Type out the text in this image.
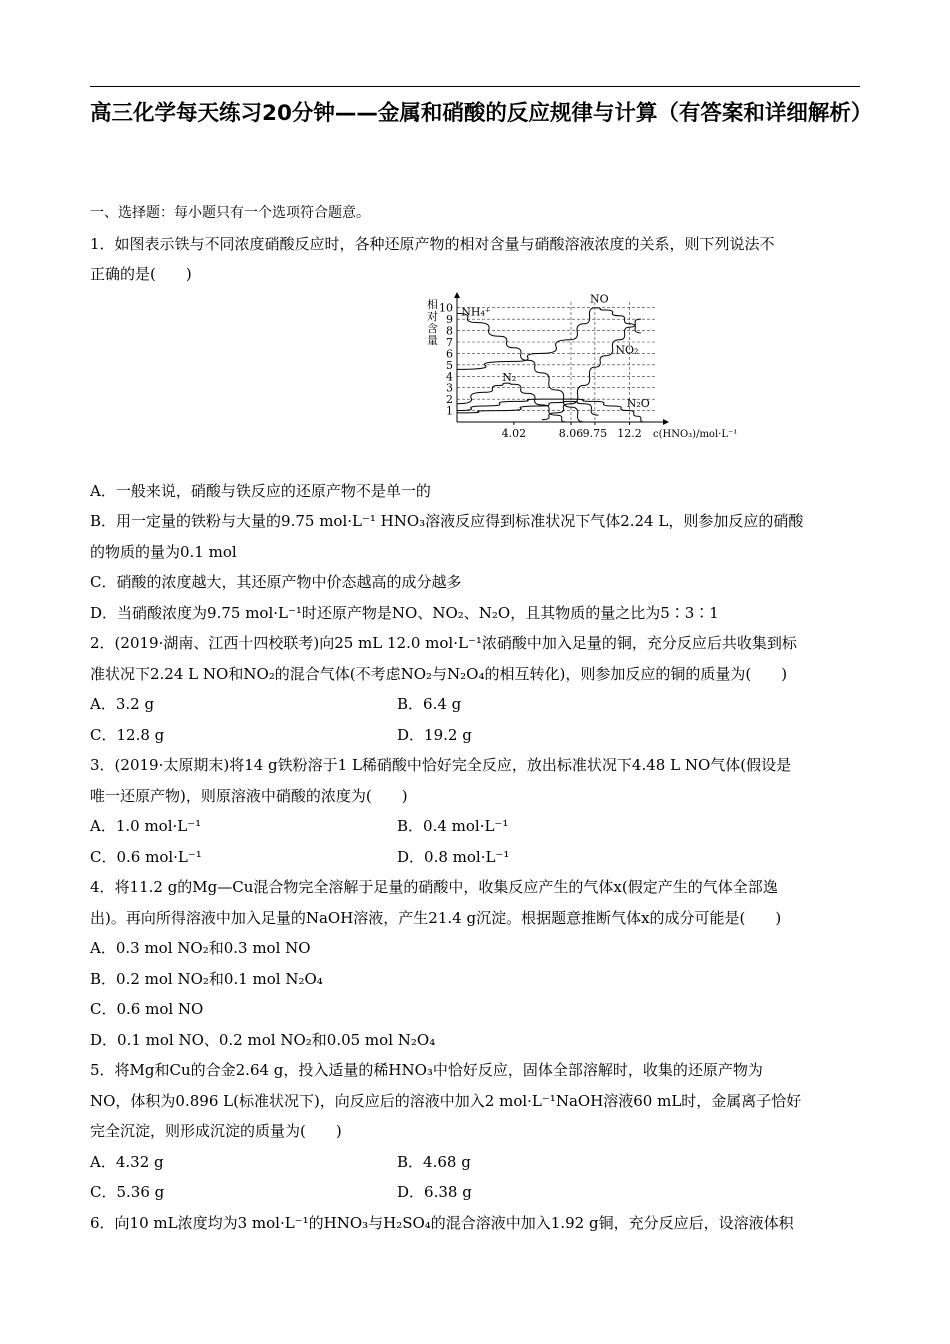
高三化学每天练习20分钟——金属和硝酸的反应规律与计算（有答案和详细解析）
一、选择题：每小题只有一个选项符合题意。
1．如图表示铁与不同浓度硝酸反应时，各种还原产物的相对含量与硝酸溶液浓度的关系，则下列说法不
正确的是(　　)
1
2
3
4
5
6
7
8
9
10
相
对
含
量
4.02	8.06 9.75 12.2 c(HNO₃)/mol·L⁻¹
NO
NH₄⁺
NO₂
N₂
N₂O
A．一般来说，硝酸与铁反应的还原产物不是单一的
B．用一定量的铁粉与大量的9.75 mol·L⁻¹ HNO₃溶液反应得到标准状况下气体2.24 L，则参加反应的硝酸
的物质的量为0.1 mol
C．硝酸的浓度越大，其还原产物中价态越高的成分越多
D．当硝酸浓度为9.75 mol·L⁻¹时还原产物是NO、NO₂、N₂O，且其物质的量之比为5∶3∶1
2．(2019·湖南、江西十四校联考)向25 mL 12.0 mol·L⁻¹浓硝酸中加入足量的铜，充分反应后共收集到标
准状况下2.24 L NO和NO₂的混合气体(不考虑NO₂与N₂O₄的相互转化)，则参加反应的铜的质量为(　　)
A．3.2 g	B．6.4 g
C．12.8 g	D．19.2 g
3．(2019·太原期末)将14 g铁粉溶于1 L稀硝酸中恰好完全反应，放出标准状况下4.48 L NO气体(假设是
唯一还原产物)，则原溶液中硝酸的浓度为(　　)
A．1.0 mol·L⁻¹	B．0.4 mol·L⁻¹
C．0.6 mol·L⁻¹	D．0.8 mol·L⁻¹
4．将11.2 g的Mg—Cu混合物完全溶解于足量的硝酸中，收集反应产生的气体x(假定产生的气体全部逸
出)。再向所得溶液中加入足量的NaOH溶液，产生21.4 g沉淀。根据题意推断气体x的成分可能是(　　)
A．0.3 mol NO₂和0.3 mol NO
B．0.2 mol NO₂和0.1 mol N₂O₄
C．0.6 mol NO
D．0.1 mol NO、0.2 mol NO₂和0.05 mol N₂O₄
5．将Mg和Cu的合金2.64 g，投入适量的稀HNO₃中恰好反应，固体全部溶解时，收集的还原产物为
NO，体积为0.896 L(标准状况下)，向反应后的溶液中加入2 mol·L⁻¹NaOH溶液60 mL时，金属离子恰好
完全沉淀，则形成沉淀的质量为(　　)
A．4.32 g	B．4.68 g
C．5.36 g	D．6.38 g
6．向10 mL浓度均为3 mol·L⁻¹的HNO₃与H₂SO₄的混合溶液中加入1.92 g铜，充分反应后，设溶液体积
